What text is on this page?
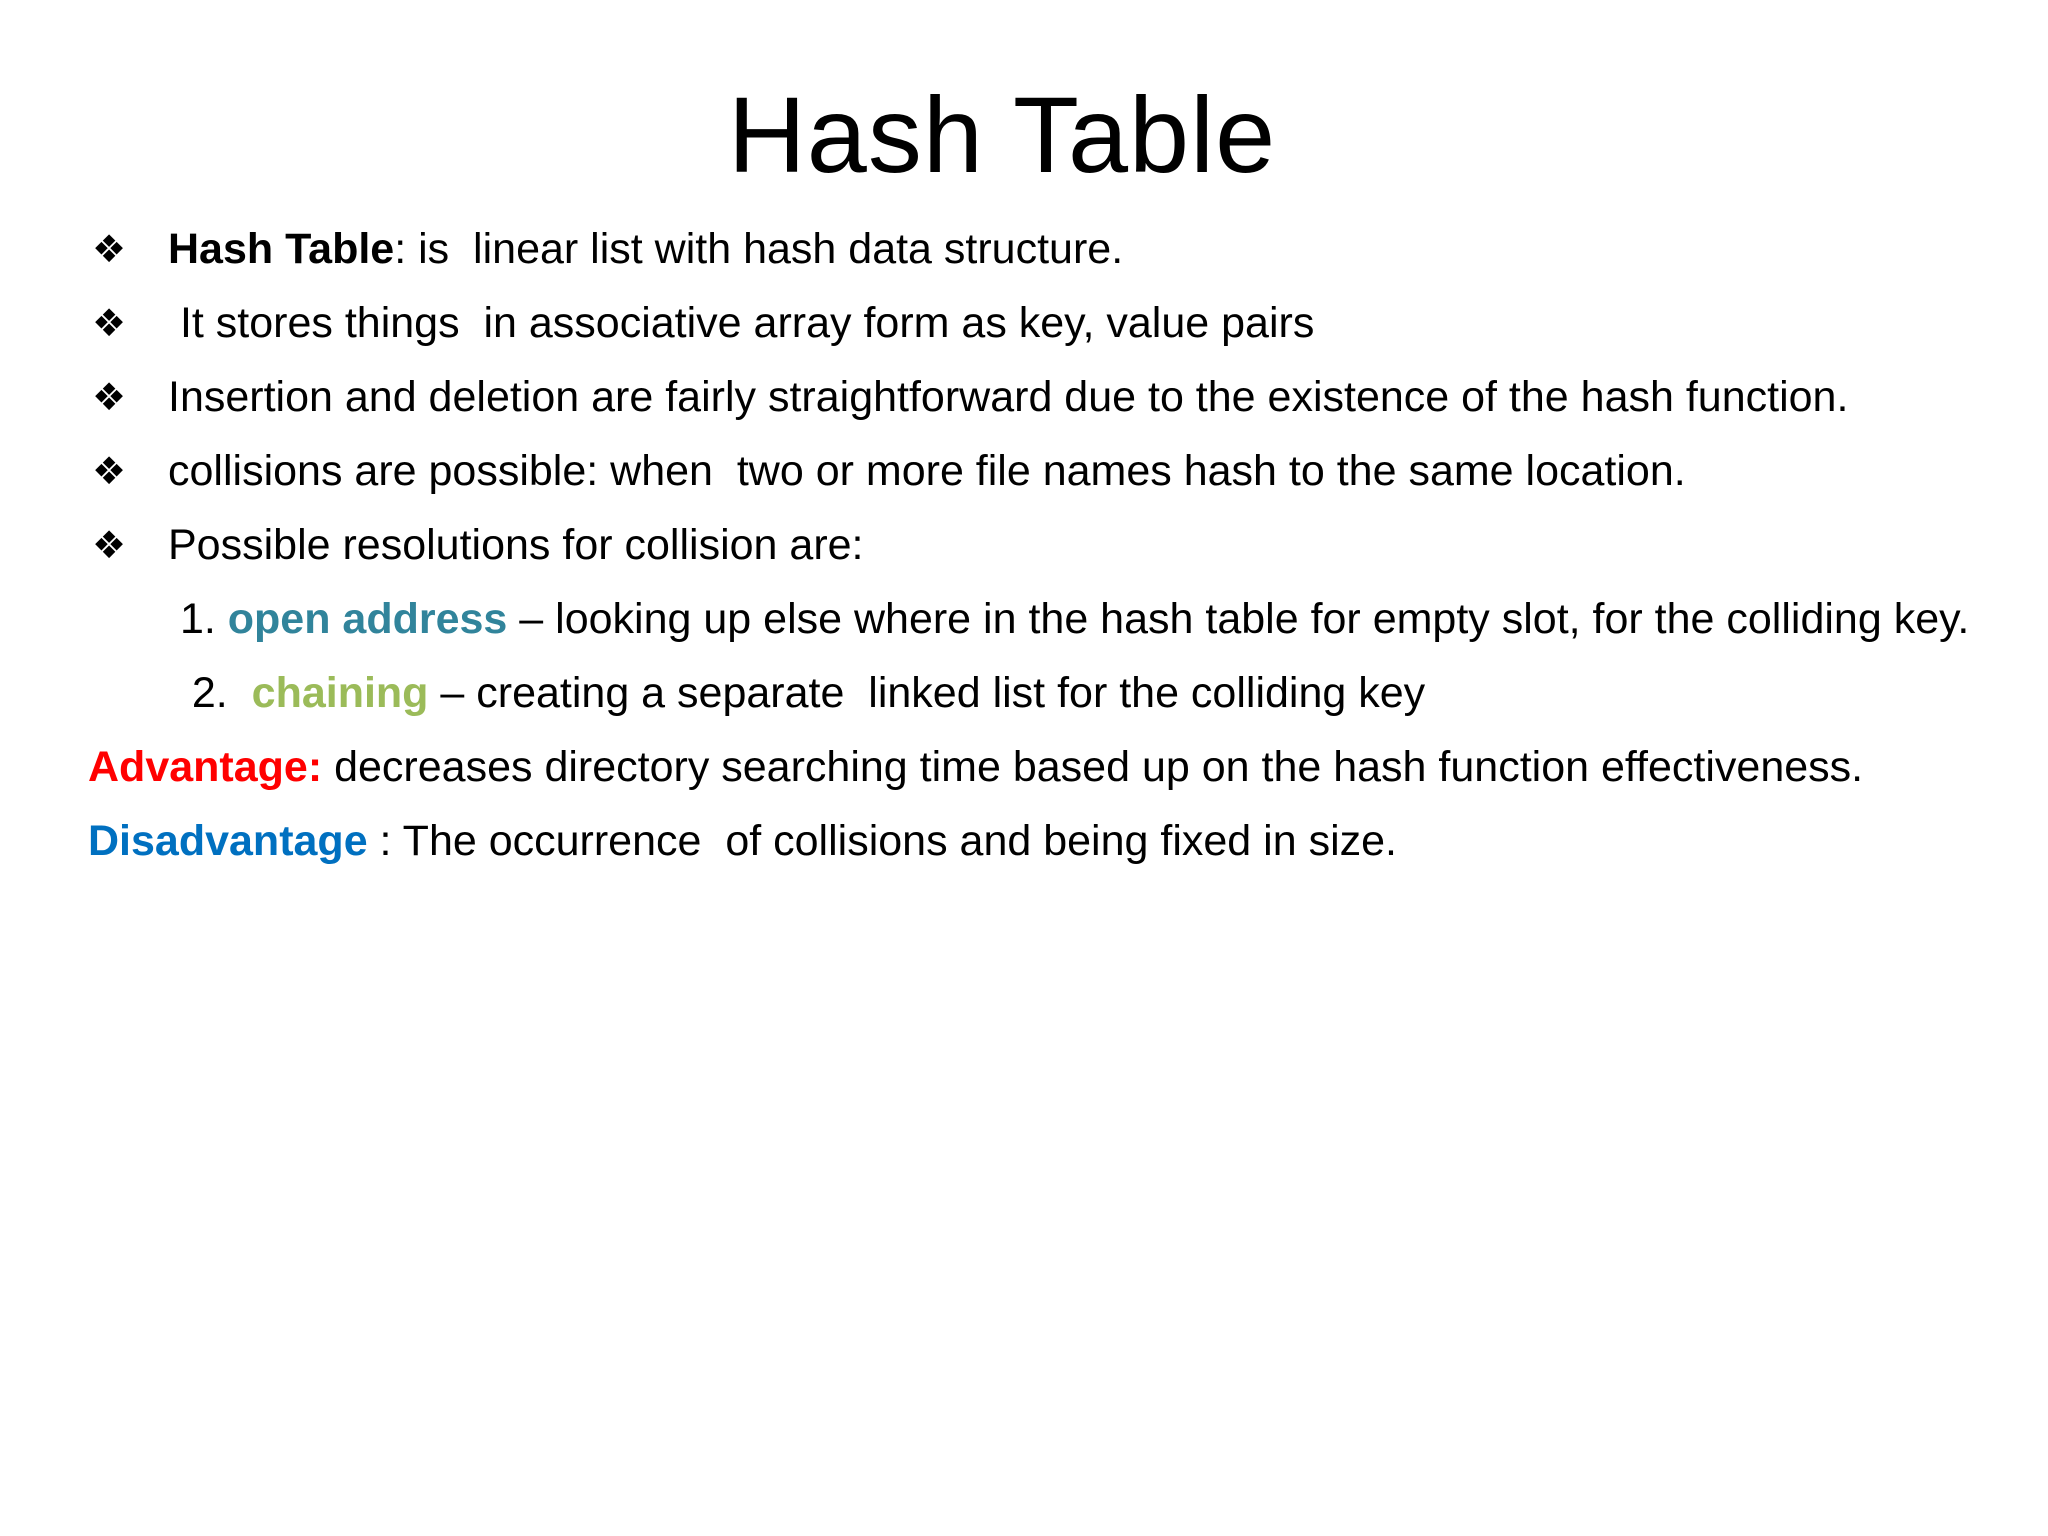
Hash Table
❖ Hash Table: is  linear list with hash data structure.
❖ It stores things  in associative array form as key, value pairs
❖ Insertion and deletion are fairly straightforward due to the existence of the hash function.
❖ collisions are possible: when  two or more file names hash to the same location.
❖ Possible resolutions for collision are:
1. open address – looking up else where in the hash table for empty slot, for the colliding key.
2.  chaining – creating a separate  linked list for the colliding key
Advantage: decreases directory searching time based up on the hash function effectiveness.
Disadvantage : The occurrence  of collisions and being fixed in size.
